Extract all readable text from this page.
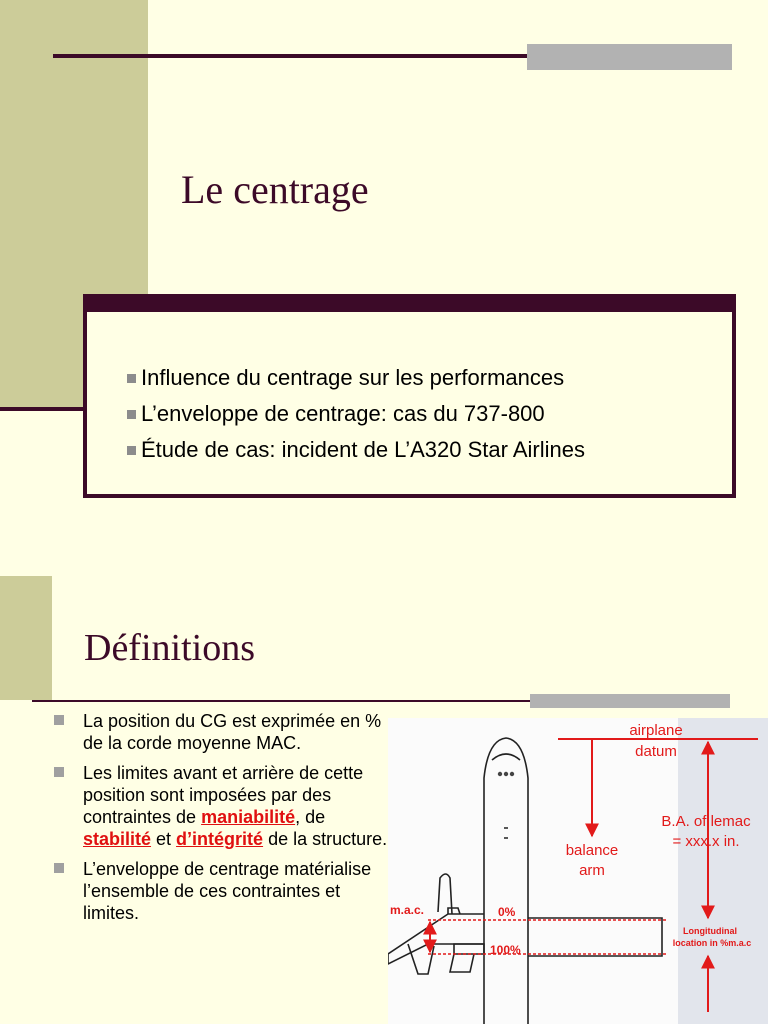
Le centrage
Influence du centrage sur les performances
L’enveloppe de centrage: cas du 737-800
Étude de cas: incident de L’A320 Star Airlines
Définitions
La position du CG est exprimée en % de la corde moyenne MAC.
Les limites avant et arrière de cette position sont imposées par des contraintes de maniabilité, de stabilité et d’intégrité de la structure.
L’enveloppe de centrage matérialise l’ensemble de ces contraintes et limites.
airplane
datum
B.A. of lemac
= xxx.x in.
balance
arm
m.a.c.	0%
100%
Longitudinal
location in %m.a.c
